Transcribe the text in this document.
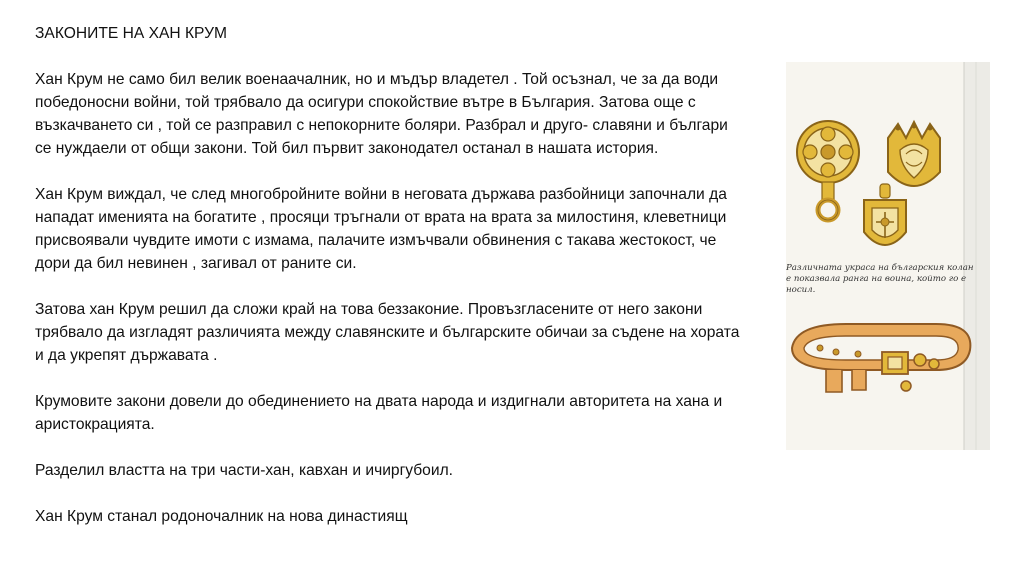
ЗАКОНИТЕ НА ХАН КРУМ

Хан Крум не само бил велик военаачалник, но и мъдър владетел . Той осъзнал, че за да води победоносни войни, той трябвало да осигури спокойствие вътре в България. Затова още с възкачването си , той се разправил с непокорните боляри. Разбрал и друго- славяни и българи се нуждаели от общи закони. Той бил първит законодател останал в нашата история.

Хан Крум виждал, че след многобройните войни в неговата държава разбойници започнали да нападат имениятa на богатите , просяци тръгнали от врата на врата за милостиня, клеветници присвоявали чувдите имоти с измама, палачите измъчвали обвинения с такава жестокост, че дори да бил невинен , загивал от раните си.

Затова хан Крум решил да сложи край на това беззаконие. Провъзгласените от него закони трябвало да изгладят различията между славянските и българските обичаи за съдене на хората и да укрепят държавата .

Крумовите закони довели до обединението на двата народа и издигнали авторитета на хана и аристокрацията.

Разделил властта на три части-хан, кавхан и ичиргубоил.

Хан Крум станал родоночалник на нова династиящ

Различната украса на българския колан е показвала ранга на воина, който го е носил.
